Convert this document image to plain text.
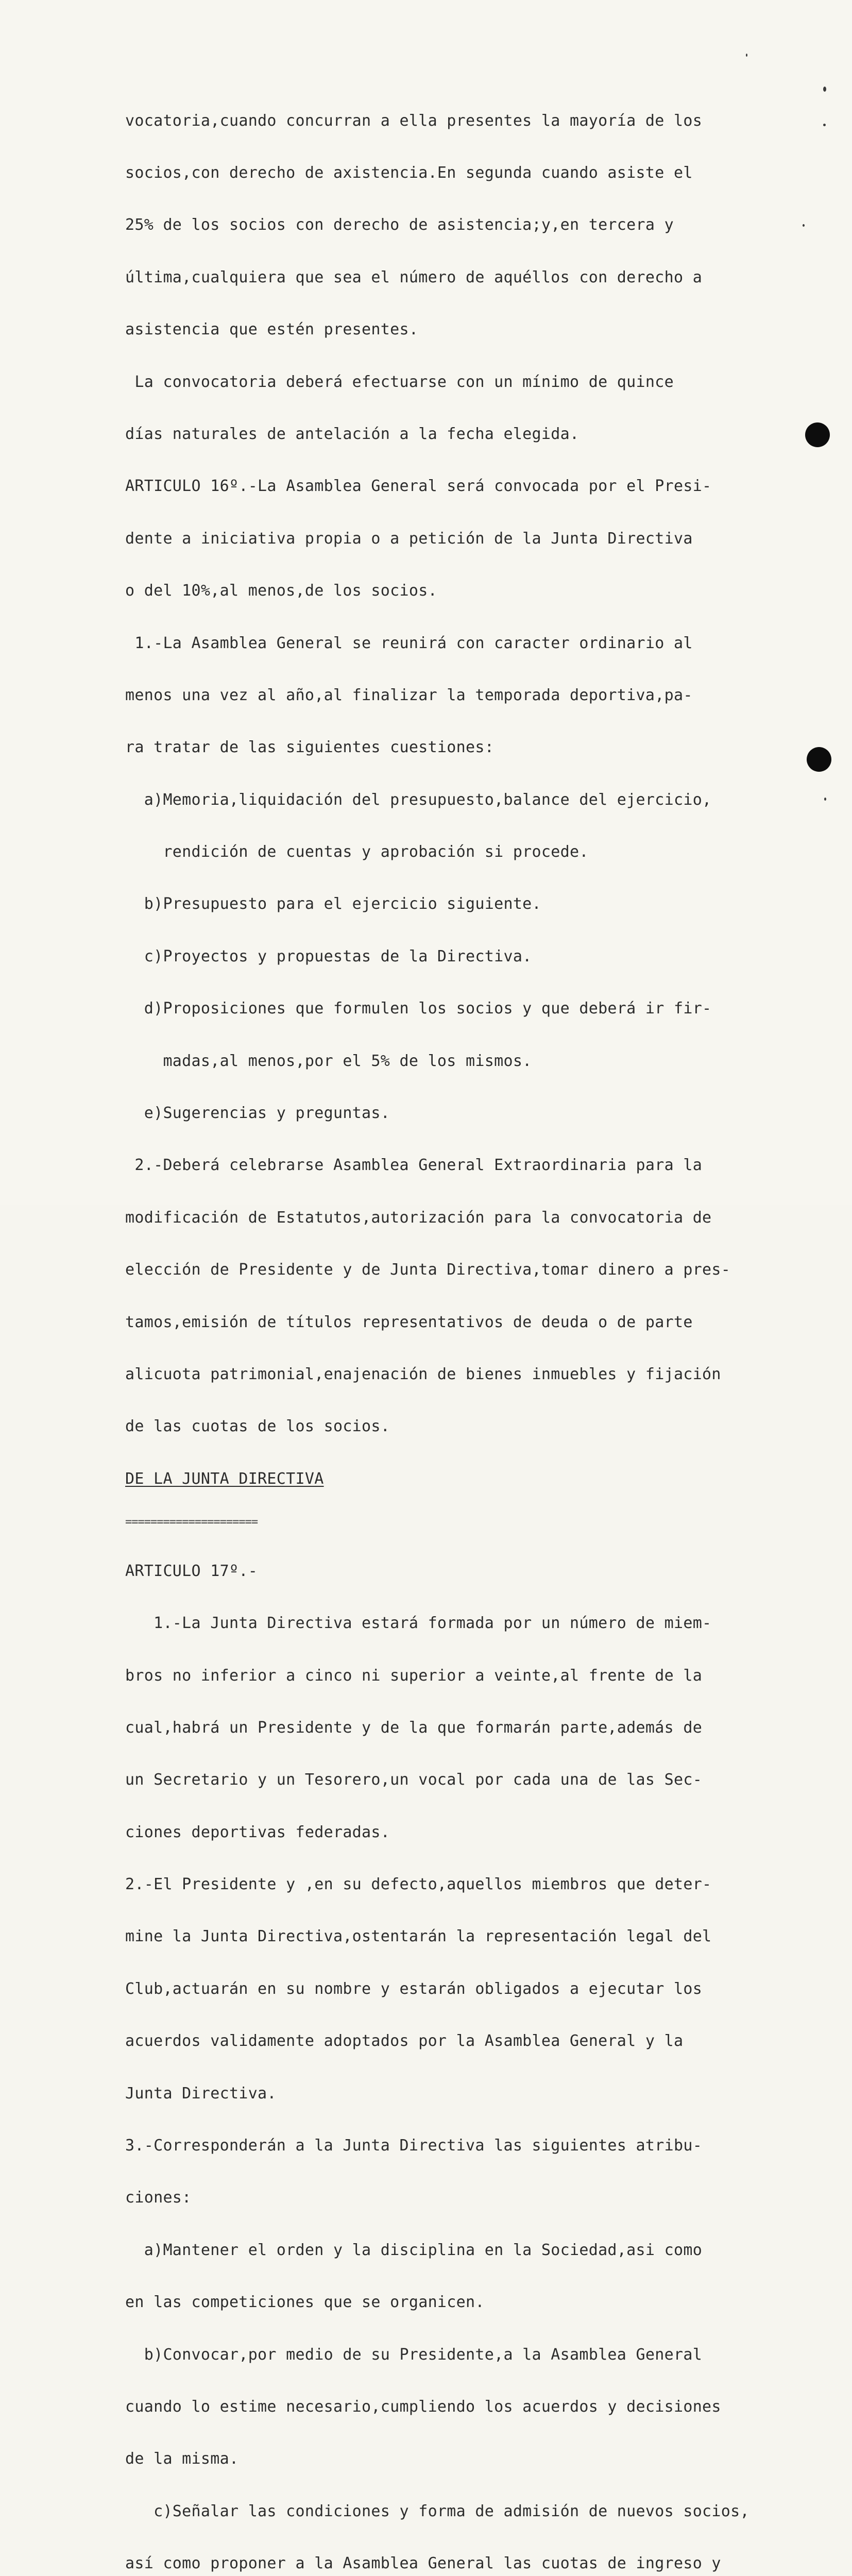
vocatoria,cuando concurran a ella presentes la mayoría de los

socios,con derecho de axistencia.En segunda cuando asiste el

25% de los socios con derecho de asistencia;y,en tercera y

última,cualquiera que sea el número de aquéllos con derecho a

asistencia que estén presentes.

La convocatoria deberá efectuarse con un mínimo de quince

días naturales de antelación a la fecha elegida.

ARTICULO 16º.-La Asamblea General será convocada por el Presi-

dente a iniciativa propia o a petición de la Junta Directiva

o del 10%,al menos,de los socios.

1.-La Asamblea General se reunirá con caracter ordinario al

menos una vez al año,al finalizar la temporada deportiva,pa-

ra tratar de las siguientes cuestiones:

a)Memoria,liquidación del presupuesto,balance del ejercicio,

rendición de cuentas y aprobación si procede.

b)Presupuesto para el ejercicio siguiente.

c)Proyectos y propuestas de la Directiva.

d)Proposiciones que formulen los socios y que deberá ir fir-

madas,al menos,por el 5% de los mismos.

e)Sugerencias y preguntas.

2.-Deberá celebrarse Asamblea General Extraordinaria para la

modificación de Estatutos,autorización para la convocatoria de

elección de Presidente y de Junta Directiva,tomar dinero a pres-

tamos,emisión de títulos representativos de deuda o de parte

alicuota patrimonial,enajenación de bienes inmuebles y fijación

de las cuotas de los socios.

DE LA JUNTA DIRECTIVA

=====================

ARTICULO 17º.-

1.-La Junta Directiva estará formada por un número de miem-

bros no inferior a cinco ni superior a veinte,al frente de la

cual,habrá un Presidente y de la que formarán parte,además de

un Secretario y un Tesorero,un vocal por cada una de las Sec-

ciones deportivas federadas.

2.-El Presidente y ,en su defecto,aquellos miembros que deter-

mine la Junta Directiva,ostentarán la representación legal del

Club,actuarán en su nombre y estarán obligados a ejecutar los

acuerdos validamente adoptados por la Asamblea General y la

Junta Directiva.

3.-Corresponderán a la Junta Directiva las siguientes atribu-

ciones:

a)Mantener el orden y la disciplina en la Sociedad,asi como

en las competiciones que se organicen.

b)Convocar,por medio de su Presidente,a la Asamblea General

cuando lo estime necesario,cumpliendo los acuerdos y decisiones

de la misma.

c)Señalar las condiciones y forma de admisión de nuevos socios,

así como proponer a la Asamblea General las cuotas de ingreso y
